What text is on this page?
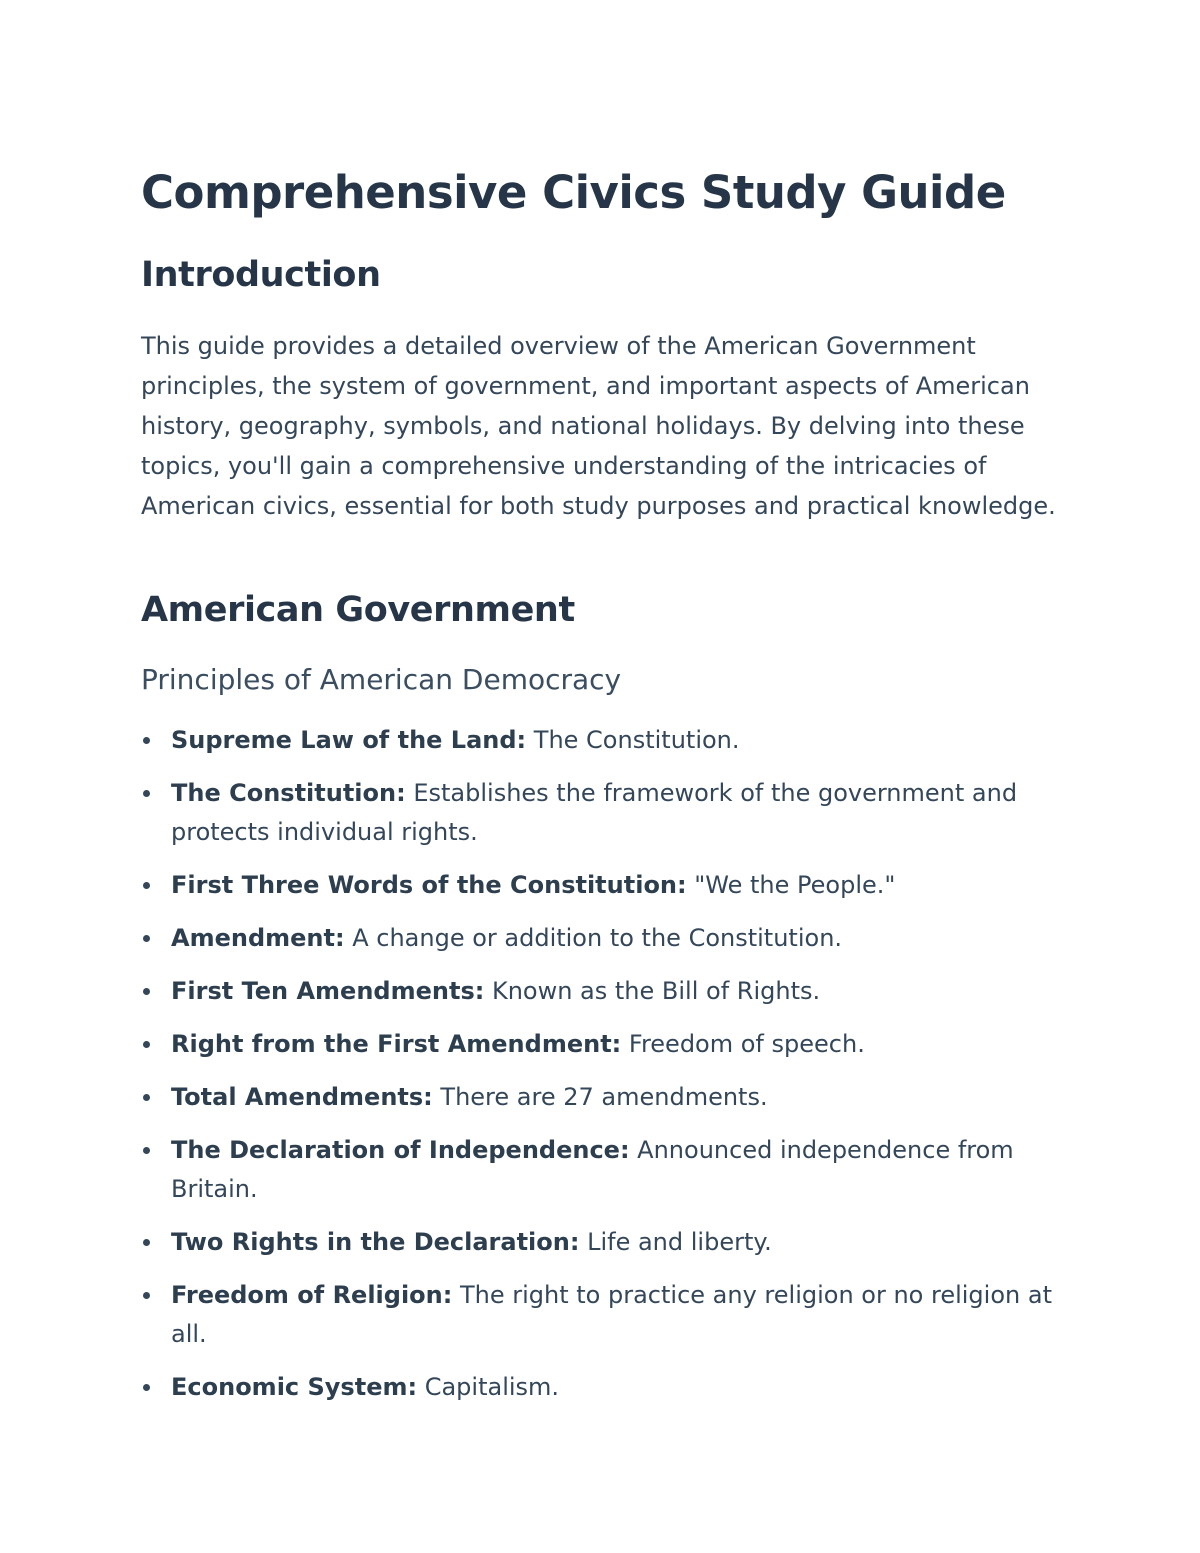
Comprehensive Civics Study Guide
Introduction

This guide provides a detailed overview of the American Government principles, the system of government, and important aspects of American history, geography, symbols, and national holidays. By delving into these topics, you'll gain a comprehensive understanding of the intricacies of American civics, essential for both study purposes and practical knowledge.

American Government
Principles of American Democracy
Supreme Law of the Land: The Constitution.
The Constitution: Establishes the framework of the government and protects individual rights.
First Three Words of the Constitution: "We the People."
Amendment: A change or addition to the Constitution.
First Ten Amendments: Known as the Bill of Rights.
Right from the First Amendment: Freedom of speech.
Total Amendments: There are 27 amendments.
The Declaration of Independence: Announced independence from Britain.
Two Rights in the Declaration: Life and liberty.
Freedom of Religion: The right to practice any religion or no religion at all.
Economic System: Capitalism.
